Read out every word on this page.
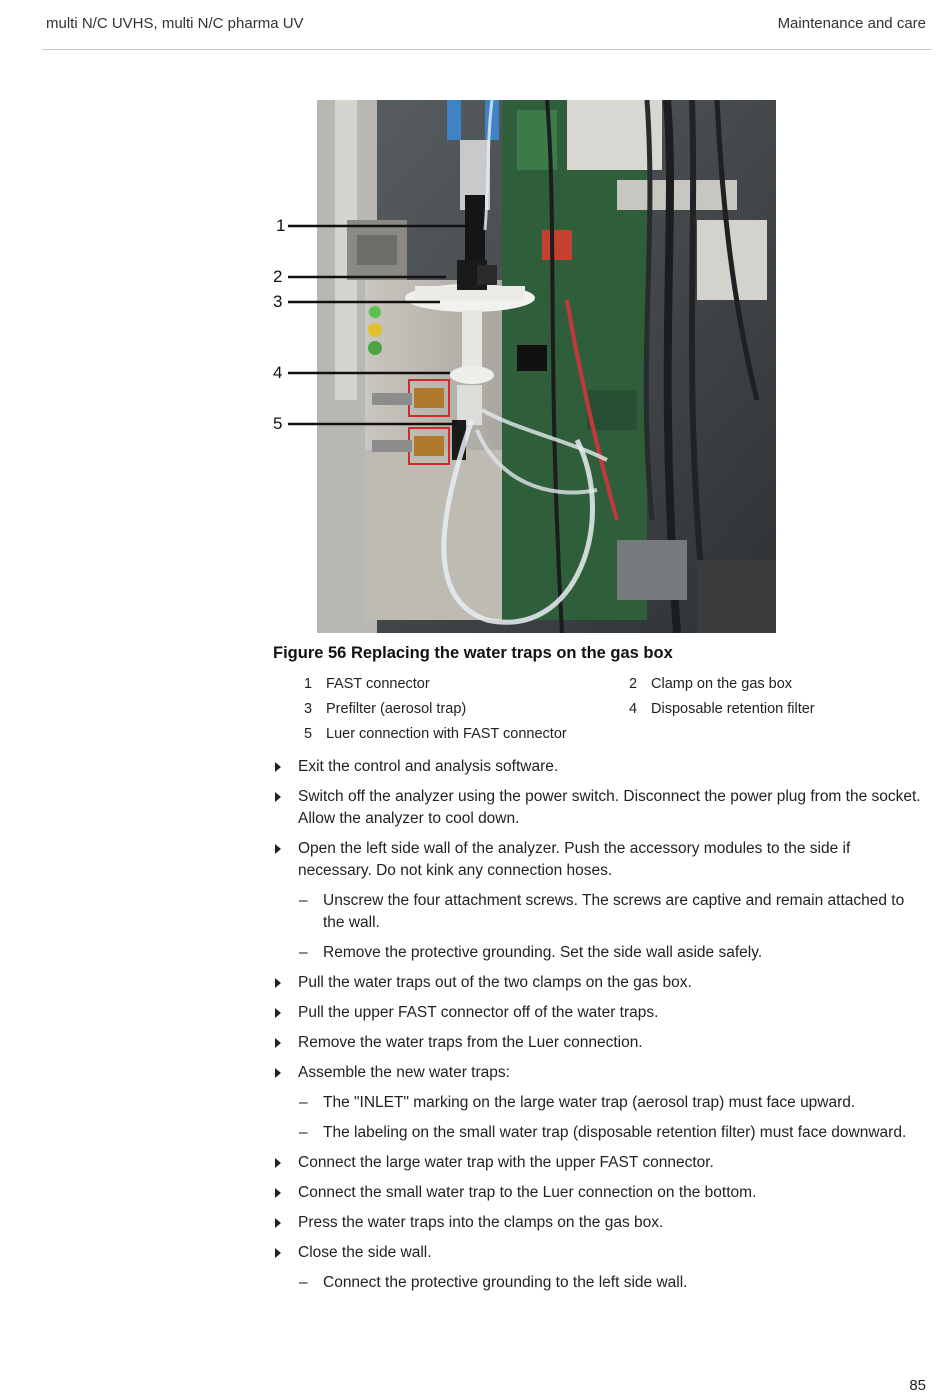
multi N/C UVHS, multi N/C pharma UV	Maintenance and care
1
2
3
4
5
Figure 56 Replacing the water traps on the gas box
1 FAST connector	2 Clamp on the gas box
3 Prefilter (aerosol trap)	4 Disposable retention filter
5 Luer connection with FAST connector
Exit the control and analysis software.
Switch off the analyzer using the power switch. Disconnect the power plug from the socket. Allow the analyzer to cool down.
Open the left side wall of the analyzer. Push the accessory modules to the side if necessary. Do not kink any connection hoses.
– Unscrew the four attachment screws. The screws are captive and remain attached to the wall.
– Remove the protective grounding. Set the side wall aside safely.
Pull the water traps out of the two clamps on the gas box.
Pull the upper FAST connector off of the water traps.
Remove the water traps from the Luer connection.
Assemble the new water traps:
– The "INLET" marking on the large water trap (aerosol trap) must face upward.
– The labeling on the small water trap (disposable retention filter) must face downward.
Connect the large water trap with the upper FAST connector.
Connect the small water trap to the Luer connection on the bottom.
Press the water traps into the clamps on the gas box.
Close the side wall.
– Connect the protective grounding to the left side wall.
85
